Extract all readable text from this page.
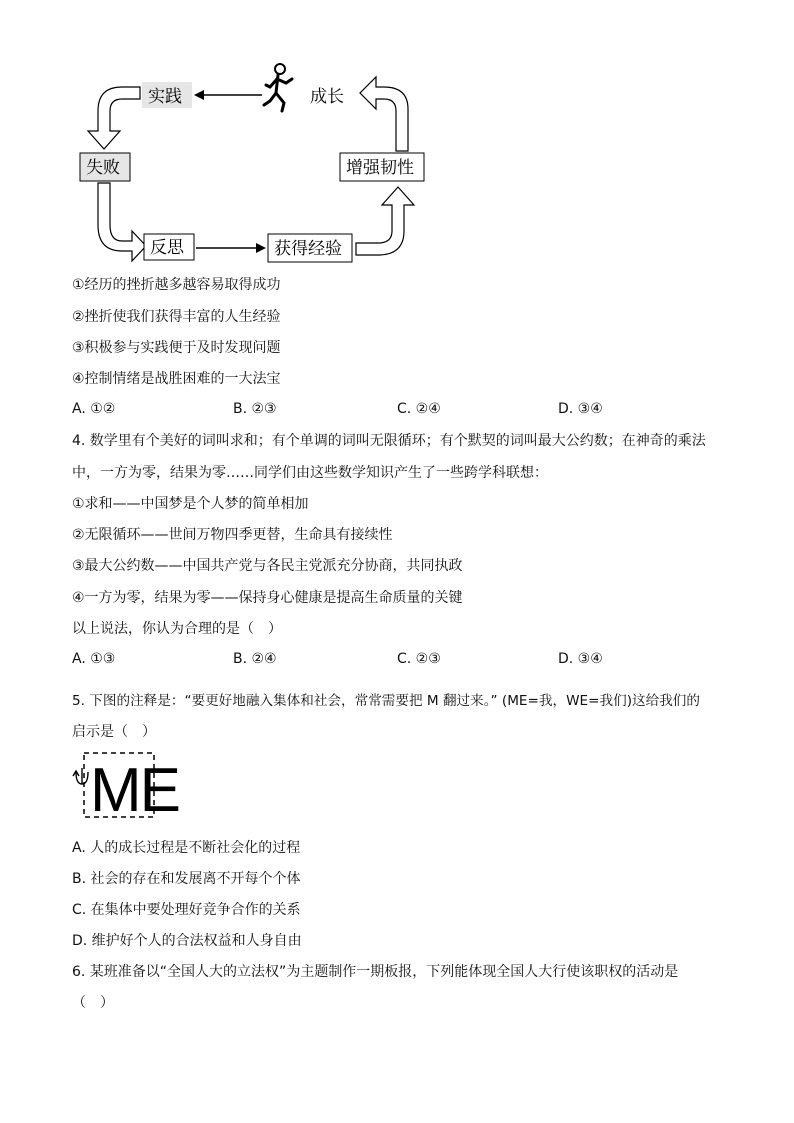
实践	成长
失败
反思	获得经验
增强韧性
①经历的挫折越多越容易取得成功
②挫折使我们获得丰富的人生经验
③积极参与实践便于及时发现问题
④控制情绪是战胜困难的一大法宝
A. ①②	B. ②③	C. ②④	D. ③④
4. 数学里有个美好的词叫求和；有个单调的词叫无限循环；有个默契的词叫最大公约数；在神奇的乘法
中，一方为零，结果为零……同学们由这些数学知识产生了一些跨学科联想：
①求和——中国梦是个人梦的简单相加
②无限循环——世间万物四季更替，生命具有接续性
③最大公约数——中国共产党与各民主党派充分协商，共同执政
④一方为零，结果为零——保持身心健康是提高生命质量的关键
以上说法，你认为合理的是（　）
A. ①③	B. ②④	C. ②③	D. ③④
5. 下图的注释是：“要更好地融入集体和社会，常常需要把 M 翻过来。” (ME=我，WE=我们)这给我们的
启示是（　）
ME
A. 人的成长过程是不断社会化的过程
B. 社会的存在和发展离不开每个个体
C. 在集体中要处理好竞争合作的关系
D. 维护好个人的合法权益和人身自由
6. 某班准备以“全国人大的立法权”为主题制作一期板报，下列能体现全国人大行使该职权的活动是
（　）
